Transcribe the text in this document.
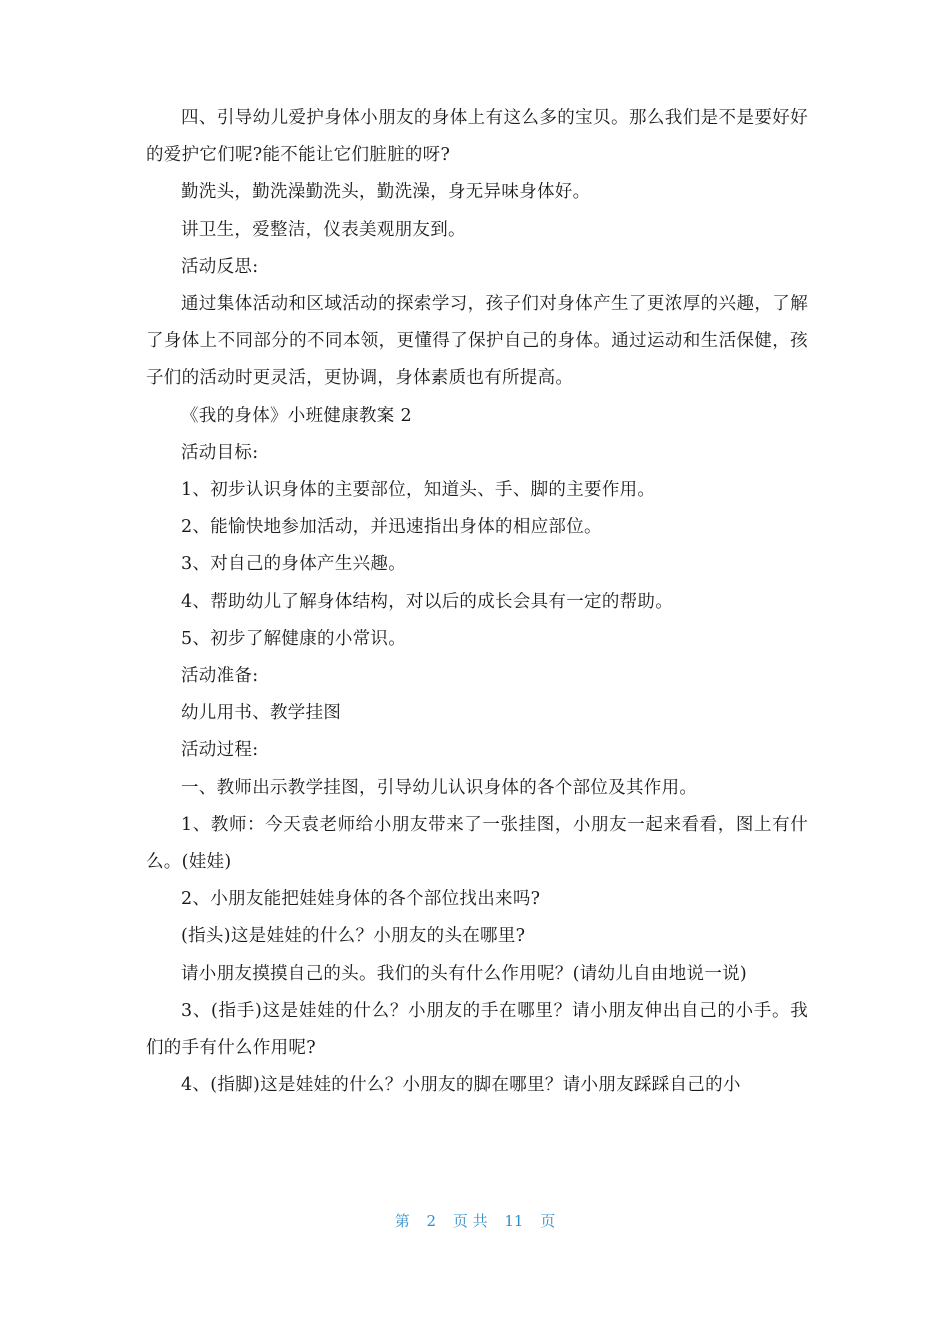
四、引导幼儿爱护身体小朋友的身体上有这么多的宝贝。那么我们是不是要好好的爱护它们呢?能不能让它们脏脏的呀?

勤洗头，勤洗澡勤洗头，勤洗澡，身无异味身体好。

讲卫生，爱整洁，仪表美观朋友到。

活动反思:

通过集体活动和区域活动的探索学习，孩子们对身体产生了更浓厚的兴趣，了解了身体上不同部分的不同本领，更懂得了保护自己的身体。通过运动和生活保健，孩子们的活动时更灵活，更协调，身体素质也有所提高。

《我的身体》小班健康教案 2

活动目标:

1、初步认识身体的主要部位，知道头、手、脚的主要作用。

2、能愉快地参加活动，并迅速指出身体的相应部位。

3、对自己的身体产生兴趣。

4、帮助幼儿了解身体结构，对以后的成长会具有一定的帮助。

5、初步了解健康的小常识。

活动准备:

幼儿用书、教学挂图

活动过程:

一、教师出示教学挂图，引导幼儿认识身体的各个部位及其作用。

1、教师：今天袁老师给小朋友带来了一张挂图，小朋友一起来看看，图上有什么。(娃娃)

2、小朋友能把娃娃身体的各个部位找出来吗?

(指头)这是娃娃的什么？小朋友的头在哪里?

请小朋友摸摸自己的头。我们的头有什么作用呢？(请幼儿自由地说一说)

3、(指手)这是娃娃的什么？小朋友的手在哪里？请小朋友伸出自己的小手。我们的手有什么作用呢?

4、(指脚)这是娃娃的什么？小朋友的脚在哪里？请小朋友踩踩自己的小

第 2 页 共 11 页
